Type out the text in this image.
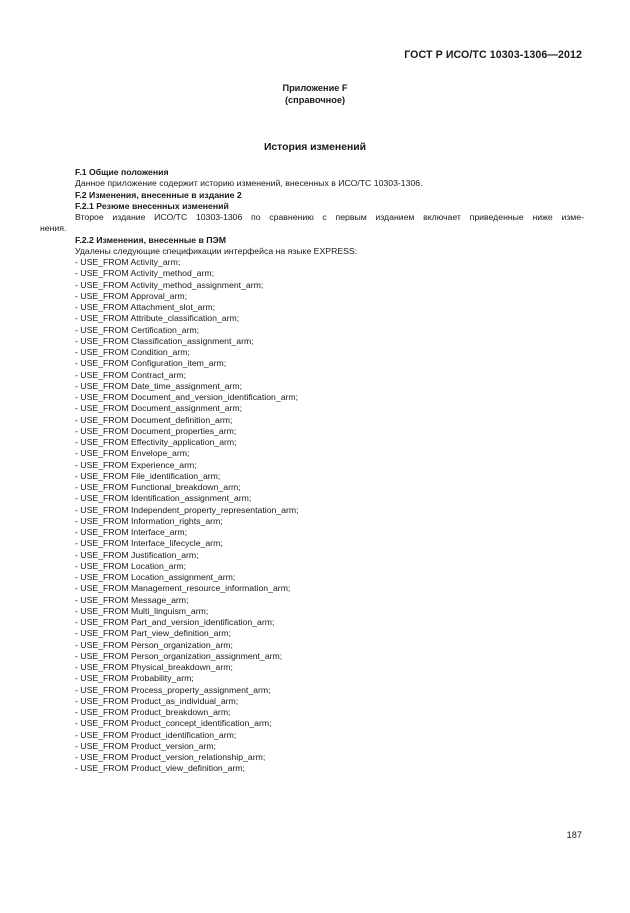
ГОСТ Р ИСО/ТС 10303-1306—2012
Приложение F
(справочное)
История изменений

F.1 Общие положения

Данное приложение содержит историю изменений, внесенных в ИСО/ТС 10303-1306.

F.2 Изменения, внесенные в издание 2

F.2.1 Резюме внесенных изменений

Второе издание ИСО/ТС 10303-1306 по сравнению с первым изданием включает приведенные ниже изме-

нения.

F.2.2 Изменения, внесенные в ПЭМ

Удалены следующие спецификации интерфейса на языке EXPRESS:

- USE_FROM Activity_arm;
- USE_FROM Activity_method_arm;
- USE_FROM Activity_method_assignment_arm;
- USE_FROM Approval_arm;
- USE_FROM Attachment_slot_arm;
- USE_FROM Attribute_classification_arm;
- USE_FROM Certification_arm;
- USE_FROM Classification_assignment_arm;
- USE_FROM Condition_arm;
- USE_FROM Configuration_item_arm;
- USE_FROM Contract_arm;
- USE_FROM Date_time_assignment_arm;
- USE_FROM Document_and_version_identification_arm;
- USE_FROM Document_assignment_arm;
- USE_FROM Document_definition_arm;
- USE_FROM Document_properties_arm;
- USE_FROM Effectivity_application_arm;
- USE_FROM Envelope_arm;
- USE_FROM Experience_arm;
- USE_FROM File_identification_arm;
- USE_FROM Functional_breakdown_arm;
- USE_FROM Identification_assignment_arm;
- USE_FROM Independent_property_representation_arm;
- USE_FROM Information_rights_arm;
- USE_FROM Interface_arm;
- USE_FROM Interface_lifecycle_arm;
- USE_FROM Justification_arm;
- USE_FROM Location_arm;
- USE_FROM Location_assignment_arm;
- USE_FROM Management_resource_information_arm;
- USE_FROM Message_arm;
- USE_FROM Multi_linguism_arm;
- USE_FROM Part_and_version_identification_arm;
- USE_FROM Part_view_definition_arm;
- USE_FROM Person_organization_arm;
- USE_FROM Person_organization_assignment_arm;
- USE_FROM Physical_breakdown_arm;
- USE_FROM Probability_arm;
- USE_FROM Process_property_assignment_arm;
- USE_FROM Product_as_individual_arm;
- USE_FROM Product_breakdown_arm;
- USE_FROM Product_concept_identification_arm;
- USE_FROM Product_identification_arm;
- USE_FROM Product_version_arm;
- USE_FROM Product_version_relationship_arm;
- USE_FROM Product_view_definition_arm;
187
